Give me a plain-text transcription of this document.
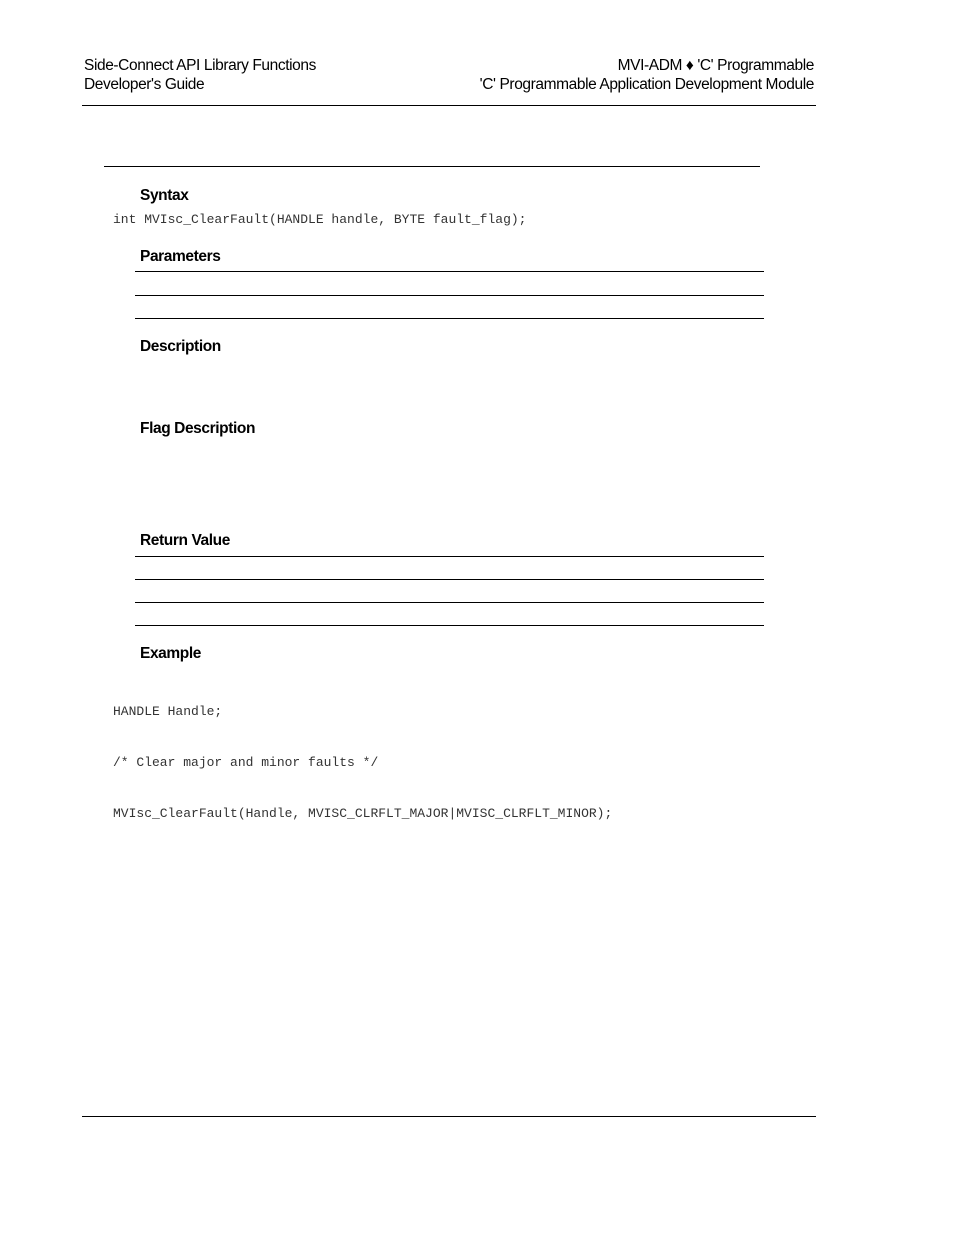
Side-Connect API Library Functions
Developer's Guide
MVI-ADM ♦ 'C' Programmable
'C' Programmable Application Development Module
Syntax
int MVIsc_ClearFault(HANDLE handle, BYTE fault_flag);
Parameters
Description
Flag Description
Return Value
Example

HANDLE Handle;

/* Clear major and minor faults */

MVIsc_ClearFault(Handle, MVISC_CLRFLT_MAJOR|MVISC_CLRFLT_MINOR);
